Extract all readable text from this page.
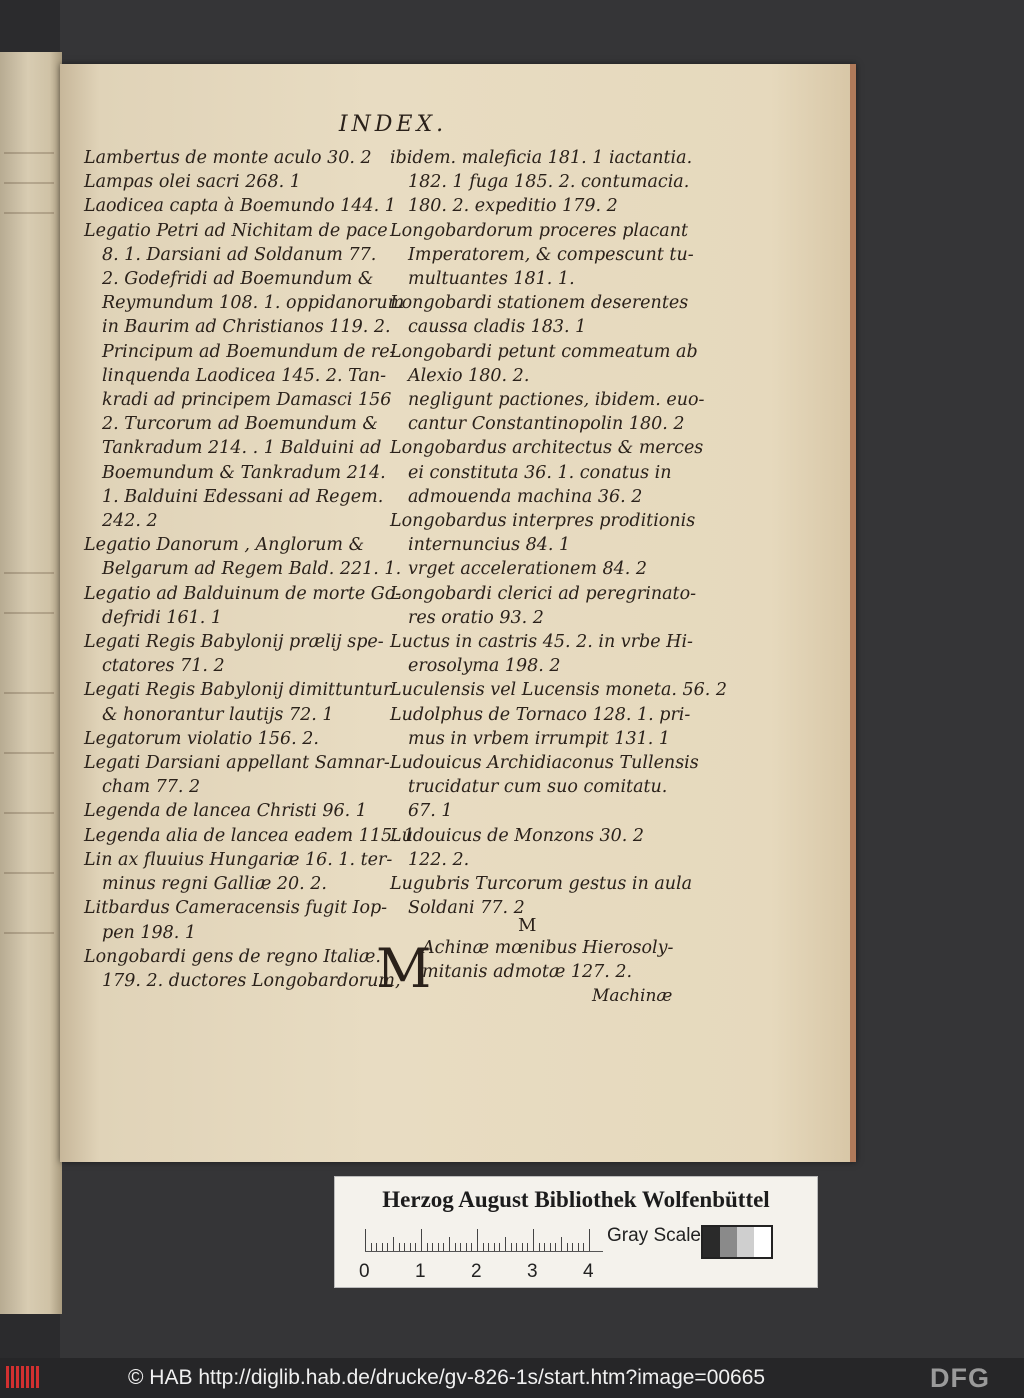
INDEX.
Lambertus de monte aculo 30. 2
Lampas olei sacri 268. 1
Laodicea capta à Boemundo 144. 1
Legatio Petri ad Nichitam de pace
8. 1. Darsiani ad Soldanum 77.
2. Godefridi ad Boemundum &
Reymundum 108. 1. oppidanorum
in Baurim ad Christianos 119. 2.
Principum ad Boemundum de re-
linquenda Laodicea 145. 2. Tan-
kradi ad principem Damasci 156
2. Turcorum ad Boemundum &
Tankradum 214. . 1 Balduini ad
Boemundum & Tankradum 214.
1. Balduini Edessani ad Regem.
242. 2
Legatio Danorum , Anglorum &
Belgarum ad Regem Bald. 221. 1.
Legatio ad Balduinum de morte Go-
defridi 161. 1
Legati Regis Babylonij prælij spe-
ctatores 71. 2
Legati Regis Babylonij dimittuntur
& honorantur lautijs 72. 1
Legatorum violatio 156. 2.
Legati Darsiani appellant Samnar-
cham 77. 2
Legenda de lancea Christi 96. 1
Legenda alia de lancea eadem 115. 1
Lin ax fluuius Hungariæ 16. 1. ter-
minus regni Galliæ 20. 2.
Litbardus Cameracensis fugit Iop-
pen 198. 1
Longobardi gens de regno Italiæ.
179. 2. ductores Longobardorum,
ibidem. maleficia 181. 1 iactantia.
182. 1 fuga 185. 2. contumacia.
180. 2. expeditio 179. 2
Longobardorum proceres placant
Imperatorem, & compescunt tu-
multuantes 181. 1.
Longobardi stationem deserentes
caussa cladis 183. 1
Longobardi petunt commeatum ab
Alexio 180. 2.
negligunt pactiones, ibidem. euo-
cantur Constantinopolin 180. 2
Longobardus architectus & merces
ei constituta 36. 1. conatus in
admouenda machina 36. 2
Longobardus interpres proditionis
internuncius 84. 1
vrget accelerationem 84. 2
Longobardi clerici ad peregrinato-
res oratio 93. 2
Luctus in castris 45. 2. in vrbe Hi-
erosolyma 198. 2
Luculensis vel Lucensis moneta. 56. 2
Ludolphus de Tornaco 128. 1. pri-
mus in vrbem irrumpit 131. 1
Ludouicus Archidiaconus Tullensis
trucidatur cum suo comitatu.
67. 1
Ludouicus de Monzons 30. 2
122. 2.
Lugubris Turcorum gestus in aula
Soldani 77. 2
M
M
Achinæ mœnibus Hierosoly-
mitanis admotæ 127. 2.
Machinæ
Herzog August Bibliothek Wolfenbüttel
0 1 2 3 4
Gray Scale
© HAB http://diglib.hab.de/drucke/gv-826-1s/start.htm?image=00665	DFG
